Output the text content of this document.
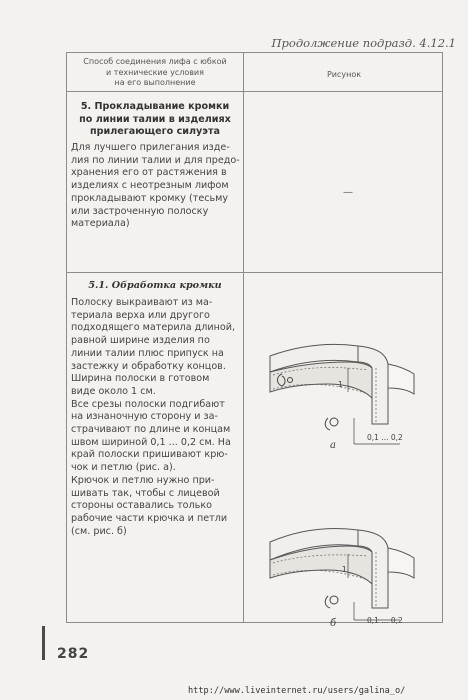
Продолжение подразд. 4.12.1
Способ соединения лифа с юбкой
и технические условия
на его выполнение
Рисунок
5. Прокладывание кромки
по линии талии в изделиях
прилегающего силуэта
Для лучшего прилегания изде-
лия по линии талии и для предо-
хранения его от растяжения в
изделиях с неотрезным лифом
прокладывают кромку (тесьму
или застроченную полоску
материала)
—
5.1. Обработка кромки
Полоску выкраивают из ма-
териала верха или другого
подходящего материла длиной,
равной ширине изделия по
линии талии плюс припуск на
застежку и обработку концов.
Ширина полоски в готовом
виде около 1 см.
Все срезы полоски подгибают
на изнаночную сторону и за-
страчивают по длине и концам
швом шириной 0,1 ... 0,2 см. На
край полоски пришивают крю-
чок и петлю (рис. а).
Крючок и петлю нужно при-
шивать так, чтобы с лицевой
стороны оставались только
рабочие части крючка и петли
(см. рис. б)
1
0,1 ... 0,2
а
1
0,1 ... 0,2
б
282
http://www.liveinternet.ru/users/galina_o/
